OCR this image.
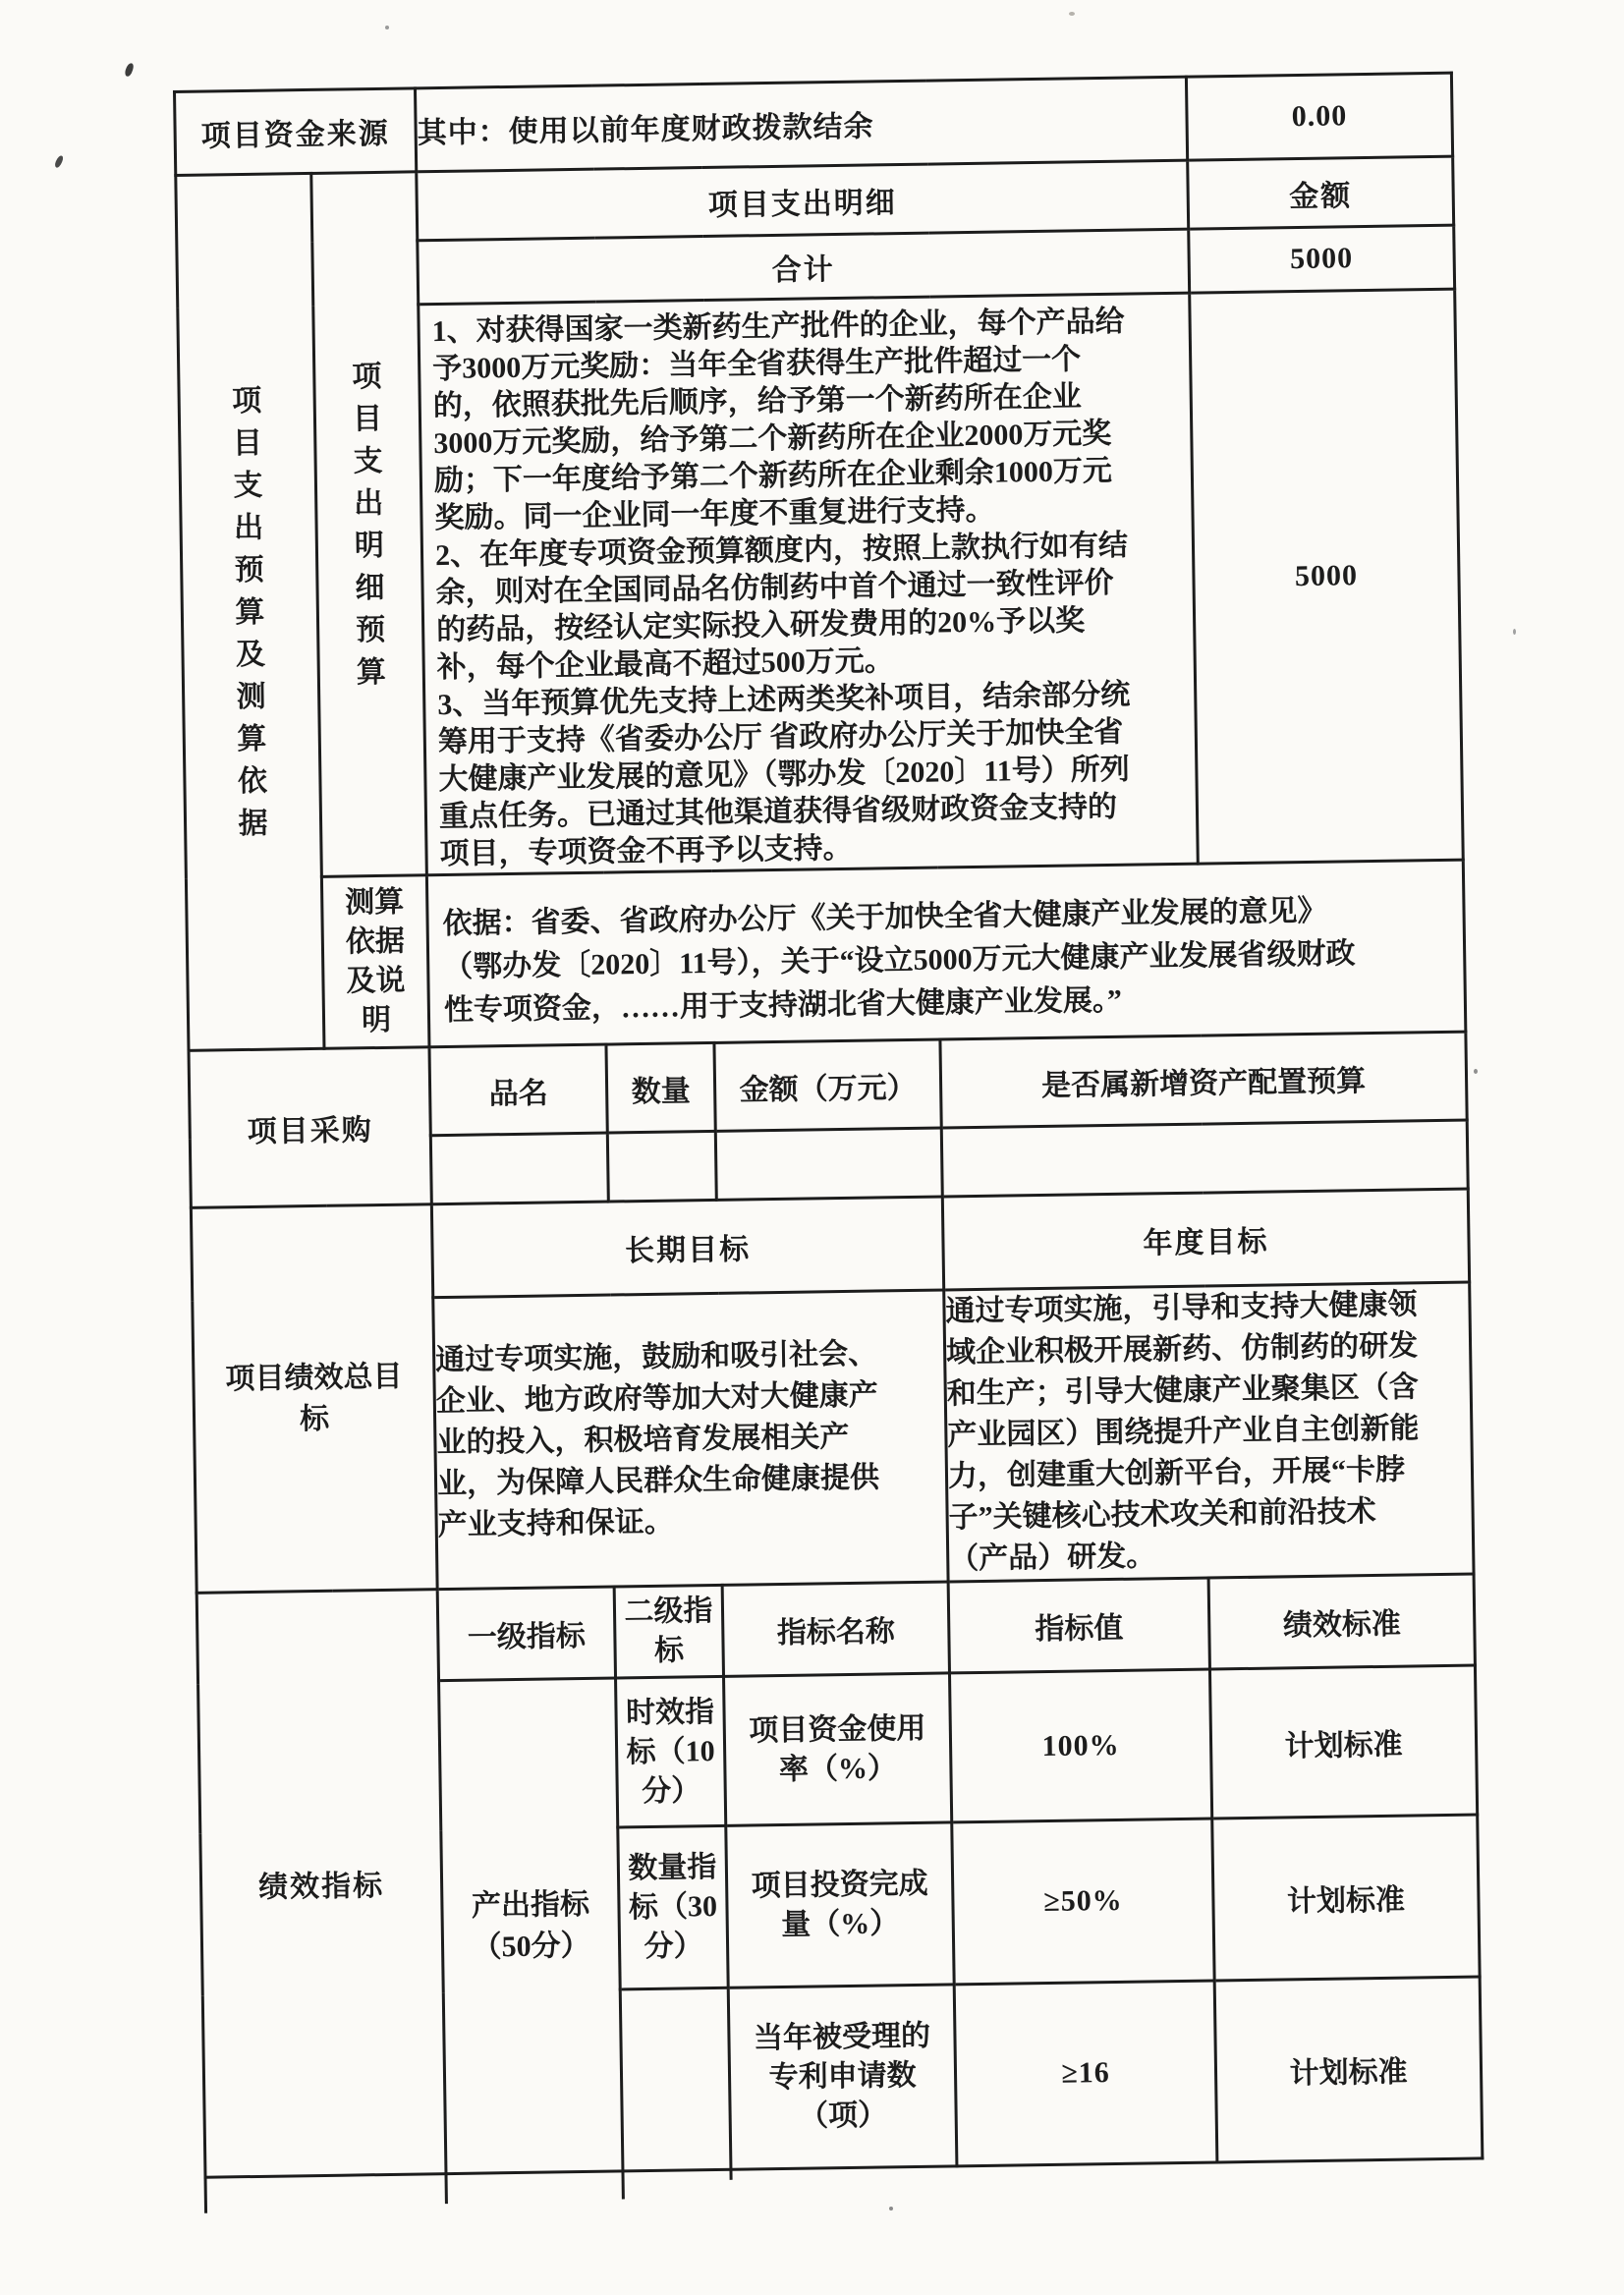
项目资金来源		其中：使用以前年度财政拨款结余				0.00
项目支出预算及测算依据	项目支出明细预算	项目支出明细				金额
		合计				5000

		1、对获得国家一类新药生产批件的企业，每个产品给予3000万元奖励：当年全省获得生产批件超过一个的，依照获批先后顺序，给予第一个新药所在企业3000万元奖励，给予第二个新药所在企业2000万元奖励；下一年度给予第二个新药所在企业剩余1000万元奖励。同一企业同一年度不重复进行支持。

2、在年度专项资金预算额度内，按照上款执行如有结余，则对在全国同品名仿制药中首个通过一致性评价的药品，按经认定实际投入研发费用的20%予以奖补，每个企业最高不超过500万元。

3、当年预算优先支持上述两类奖补项目，结余部分统筹用于支持《省委办公厅 省政府办公厅关于加快全省大健康产业发展的意见》（鄂办发〔2020〕11号）所列重点任务。已通过其他渠道获得省级财政资金支持的项目，专项资金不再予以支持。				5000
	测算依据及说明	依据：省委、省政府办公厅《关于加快全省大健康产业发展的意见》（鄂办发〔2020〕11号），关于“设立5000万元大健康产业发展省级财政性专项资金，……用于支持湖北省大健康产业发展。”				

项目采购		品名	数量	金额（万元）	是否属新增资产配置预算	

项目绩效总目标		长期目标			年度目标	

		通过专项实施，鼓励和吸引社会、企业、地方政府等加大对大健康产业的投入，积极培育发展相关产业，为保障人民群众生命健康提供产业支持和保证。			通过专项实施，引导和支持大健康领域企业积极开展新药、仿制药的研发和生产；引导大健康产业聚集区（含产业园区）围绕提升产业自主创新能力，创建重大创新平台，开展“卡脖子”关键核心技术攻关和前沿技术（产品）研发。	

绩效指标		一级指标	二级指标	指标名称	指标值	绩效标准
		产出指标（50分）	时效指标（10分）	项目资金使用率（%）	100%	计划标准
			数量指标（30分）	项目投资完成量（%）	≥50%	计划标准
				当年被受理的专利申请数（项）	≥16	计划标准
